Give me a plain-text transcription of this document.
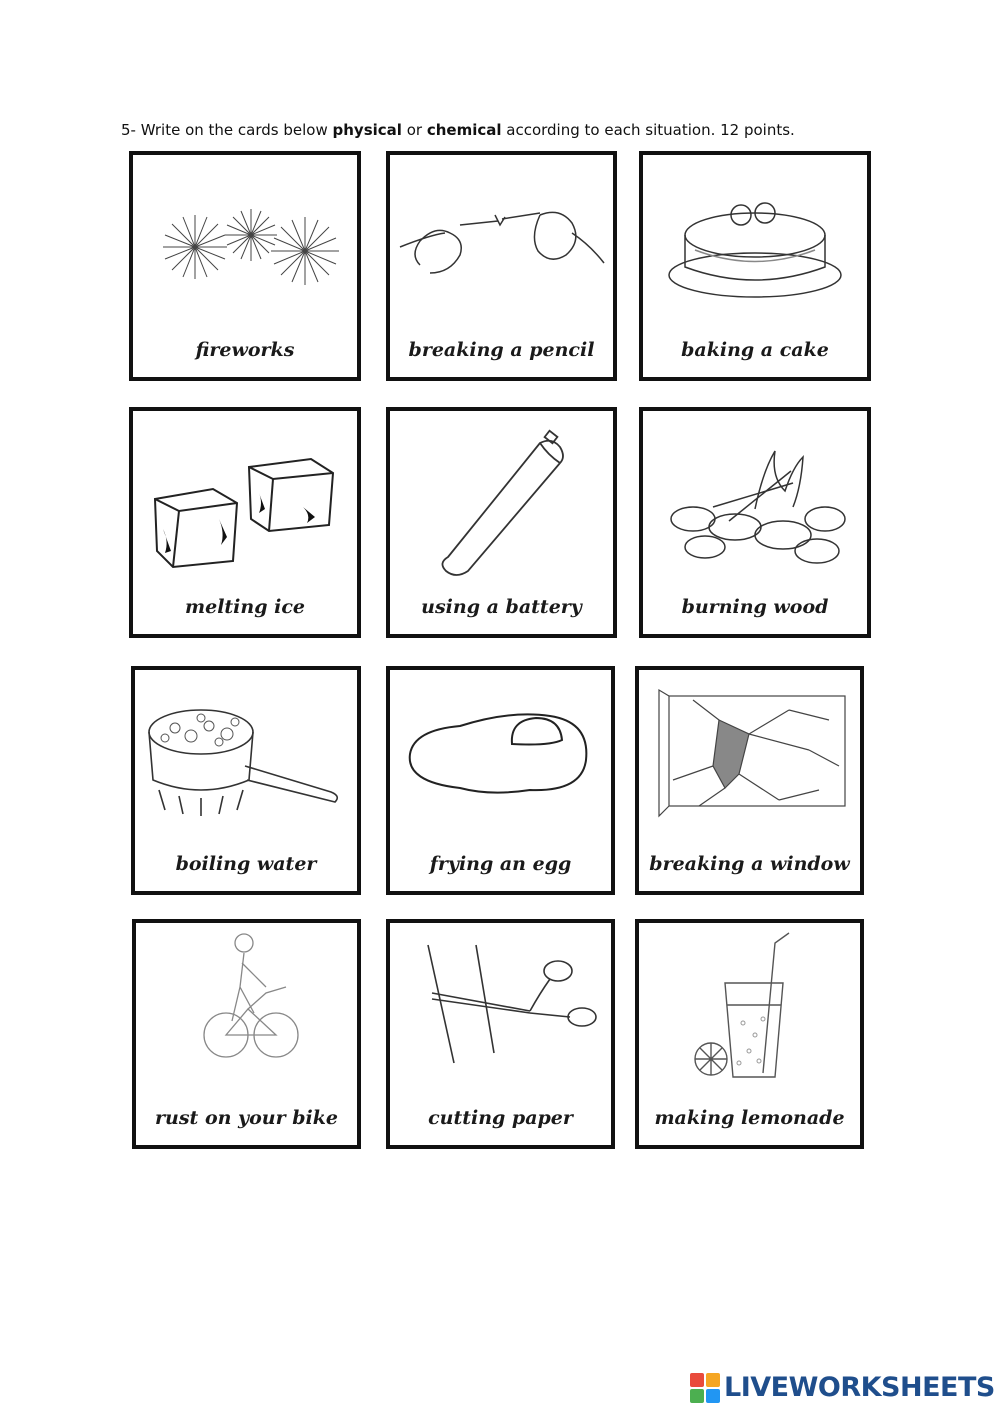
5- Write on the cards below physical or chemical according to each situation. 12 points.
fireworks	breaking a pencil	baking a cake
melting ice	using a battery	burning wood
boiling water	frying an egg	breaking a window
rust on your bike	cutting paper	making lemonade
LIVEWORKSHEETS
